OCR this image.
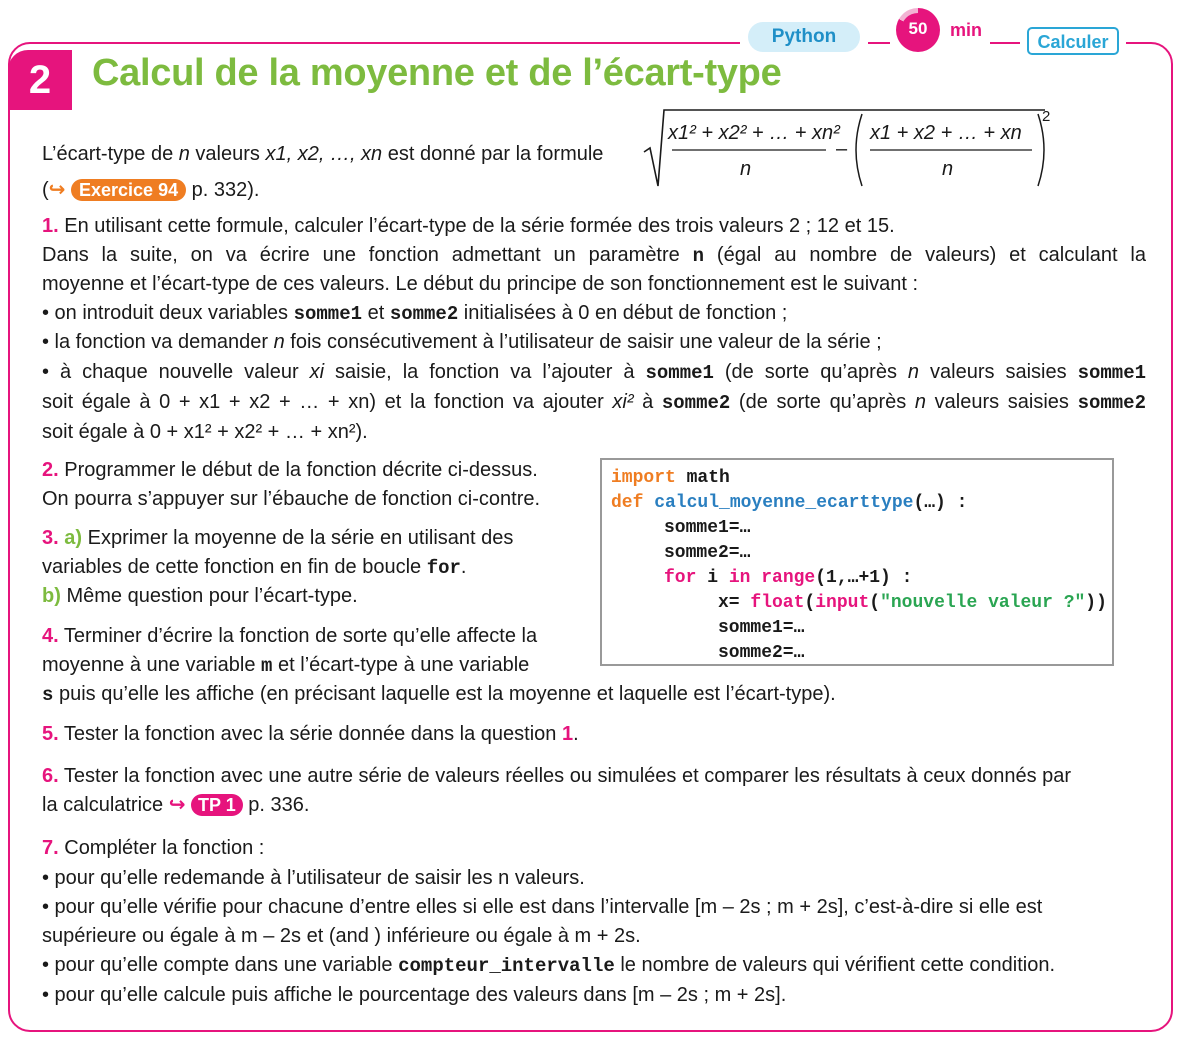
Python	50	min
Calculer
2	Calcul de la moyenne et de l’écart-type
L’écart-type de n valeurs x1, x2, …, xn est donné par la formule
(↪ Exercice 94 p. 332).
x1² + x2² + … + xn²
n
–
x1 + x2 + … + xn
n
2
1. En utilisant cette formule, calculer l’écart-type de la série formée des trois valeurs 2 ; 12 et 15.
Dans la suite, on va écrire une fonction admettant un paramètre n (égal au nombre de valeurs) et calculant la
moyenne et l’écart-type de ces valeurs. Le début du principe de son fonctionnement est le suivant :
• on introduit deux variables somme1 et somme2 initialisées à 0 en début de fonction ;
• la fonction va demander n fois consécutivement à l’utilisateur de saisir une valeur de la série ;
• à chaque nouvelle valeur xi saisie, la fonction va l’ajouter à somme1 (de sorte qu’après n valeurs saisies somme1
soit égale à 0 + x1 + x2 + … + xn) et la fonction va ajouter xi² à somme2 (de sorte qu’après n valeurs saisies somme2
soit égale à 0 + x1² + x2² + … + xn²).
2. Programmer le début de la fonction décrite ci-dessus.
On pourra s’appuyer sur l’ébauche de fonction ci-contre.
3. a) Exprimer la moyenne de la série en utilisant des
variables de cette fonction en fin de boucle for.
b) Même question pour l’écart-type.
4. Terminer d’écrire la fonction de sorte qu’elle affecte la
moyenne à une variable m et l’écart-type à une variable
s puis qu’elle les affiche (en précisant laquelle est la moyenne et laquelle est l’écart-type).
5. Tester la fonction avec la série donnée dans la question 1.
6. Tester la fonction avec une autre série de valeurs réelles ou simulées et comparer les résultats à ceux donnés par
la calculatrice ↪ TP 1 p. 336.
7. Compléter la fonction :
• pour qu’elle redemande à l’utilisateur de saisir les n valeurs.
• pour qu’elle vérifie pour chacune d’entre elles si elle est dans l’intervalle [m – 2s ; m + 2s], c’est-à-dire si elle est
supérieure ou égale à m – 2s et (and ) inférieure ou égale à m + 2s.
• pour qu’elle compte dans une variable compteur_intervalle le nombre de valeurs qui vérifient cette condition.
• pour qu’elle calcule puis affiche le pourcentage des valeurs dans [m – 2s ; m + 2s].
import math
def calcul_moyenne_ecarttype(…) :
somme1=…
somme2=…
for i in range(1,…+1) :
x= float(input("nouvelle valeur ?"))
somme1=…
somme2=…
